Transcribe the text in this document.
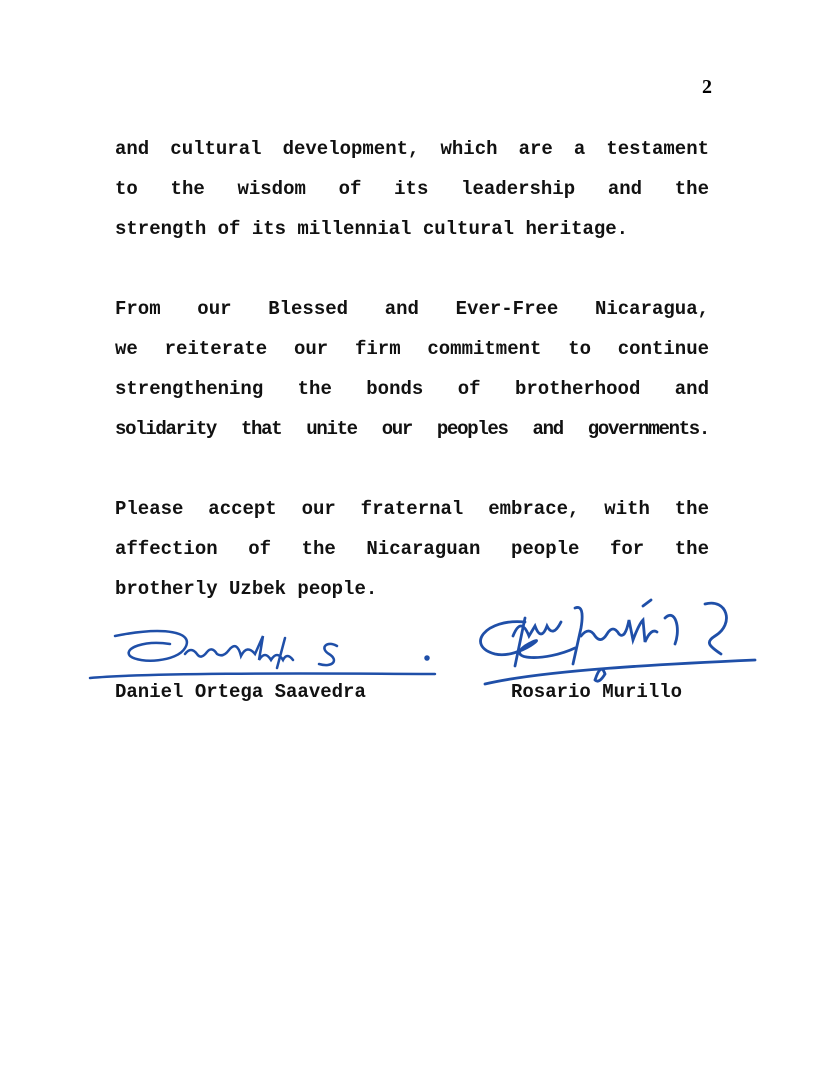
2
and cultural development, which are a testament
to the wisdom of its leadership and the
strength of its millennial cultural heritage.
From our Blessed and Ever-Free Nicaragua,
we reiterate our firm commitment to continue
strengthening the bonds of brotherhood and
solidarity that unite our peoples and governments.
Please accept our fraternal embrace, with the
affection of the Nicaraguan people for the
brotherly Uzbek people.
Daniel Ortega Saavedra	Rosario Murillo
